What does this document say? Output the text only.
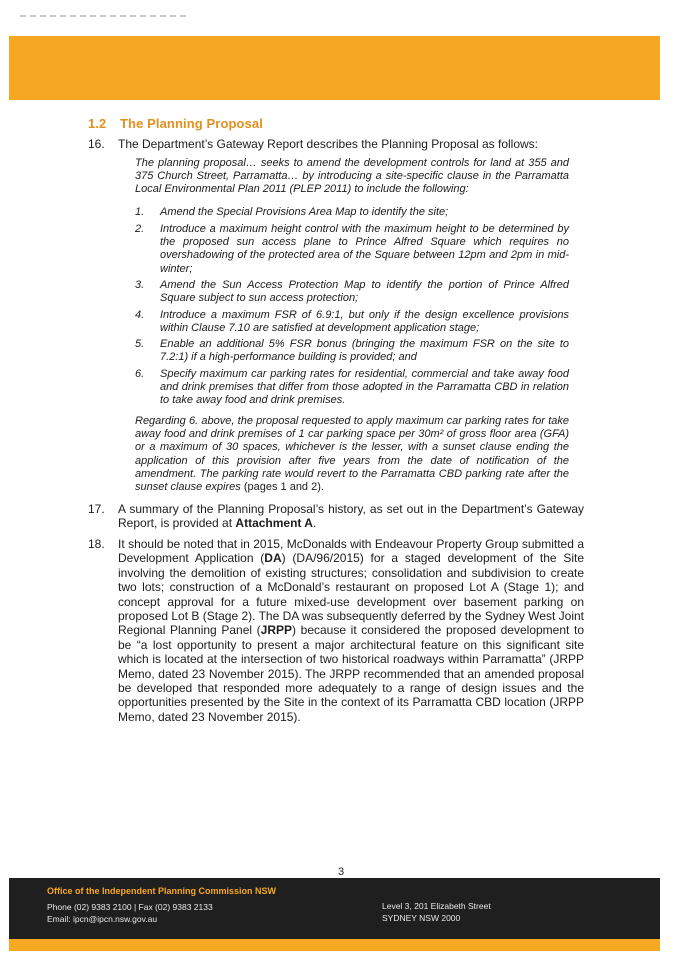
1.2 The Planning Proposal
16. The Department’s Gateway Report describes the Planning Proposal as follows:
The planning proposal… seeks to amend the development controls for land at 355 and 375 Church Street, Parramatta… by introducing a site-specific clause in the Parramatta Local Environmental Plan 2011 (PLEP 2011) to include the following:
1. Amend the Special Provisions Area Map to identify the site;
2. Introduce a maximum height control with the maximum height to be determined by the proposed sun access plane to Prince Alfred Square which requires no overshadowing of the protected area of the Square between 12pm and 2pm in mid-winter;
3. Amend the Sun Access Protection Map to identify the portion of Prince Alfred Square subject to sun access protection;
4. Introduce a maximum FSR of 6.9:1, but only if the design excellence provisions within Clause 7.10 are satisfied at development application stage;
5. Enable an additional 5% FSR bonus (bringing the maximum FSR on the site to 7.2:1) if a high-performance building is provided; and
6. Specify maximum car parking rates for residential, commercial and take away food and drink premises that differ from those adopted in the Parramatta CBD in relation to take away food and drink premises.
Regarding 6. above, the proposal requested to apply maximum car parking rates for take away food and drink premises of 1 car parking space per 30m² of gross floor area (GFA) or a maximum of 30 spaces, whichever is the lesser, with a sunset clause ending the application of this provision after five years from the date of notification of the amendment. The parking rate would revert to the Parramatta CBD parking rate after the sunset clause expires (pages 1 and 2).
17. A summary of the Planning Proposal’s history, as set out in the Department’s Gateway Report, is provided at Attachment A.
18. It should be noted that in 2015, McDonalds with Endeavour Property Group submitted a Development Application (DA) (DA/96/2015) for a staged development of the Site involving the demolition of existing structures; consolidation and subdivision to create two lots; construction of a McDonald’s restaurant on proposed Lot A (Stage 1); and concept approval for a future mixed-use development over basement parking on proposed Lot B (Stage 2). The DA was subsequently deferred by the Sydney West Joint Regional Planning Panel (JRPP) because it considered the proposed development to be “a lost opportunity to present a major architectural feature on this significant site which is located at the intersection of two historical roadways within Parramatta” (JRPP Memo, dated 23 November 2015). The JRPP recommended that an amended proposal be developed that responded more adequately to a range of design issues and the opportunities presented by the Site in the context of its Parramatta CBD location (JRPP Memo, dated 23 November 2015).
3
Office of the Independent Planning Commission NSW
Phone (02) 9383 2100 | Fax (02) 9383 2133
Email: ipcn@ipcn.nsw.gov.au
Level 3, 201 Elizabeth Street
SYDNEY NSW 2000
